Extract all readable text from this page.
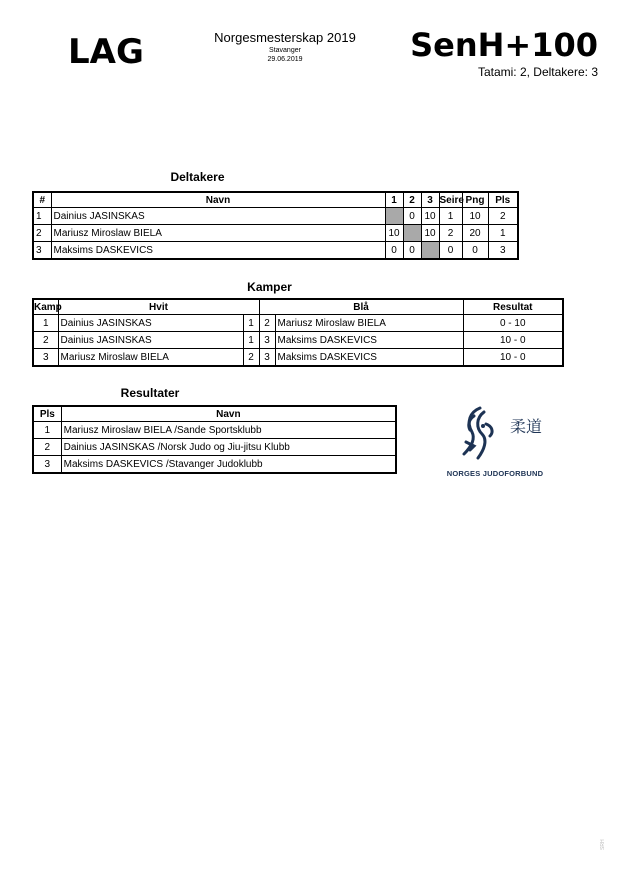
LAG	Norgesmesterskap 2019
Stavanger
29.06.2019	SenH+100
Tatami: 2, Deltakere: 3
Deltakere
#	Navn	1	2	3	Seire	Png	Pls
1	Dainius JASINSKAS		0	10	1	10	2
2	Mariusz Miroslaw BIELA	10		10	2	20	1
3	Maksims DASKEVICS	0	0		0	0	3
Kamper
Kamp	Hvit		Blå		Resultat
1	Dainius JASINSKAS	1	2	Mariusz Miroslaw BIELA	0 - 10
2	Dainius JASINSKAS	1	3	Maksims DASKEVICS	10 - 0
3	Mariusz Miroslaw BIELA	2	3	Maksims DASKEVICS	10 - 0
Resultater
Pls	Navn
1	Mariusz Miroslaw BIELA /Sande Sportsklubb
2	Dainius JASINSKAS /Norsk Judo og Jiu-jitsu Klubb
3	Maksims DASKEVICS /Stavanger Judoklubb
柔道
NORGES JUDOFORBUND
SRH
